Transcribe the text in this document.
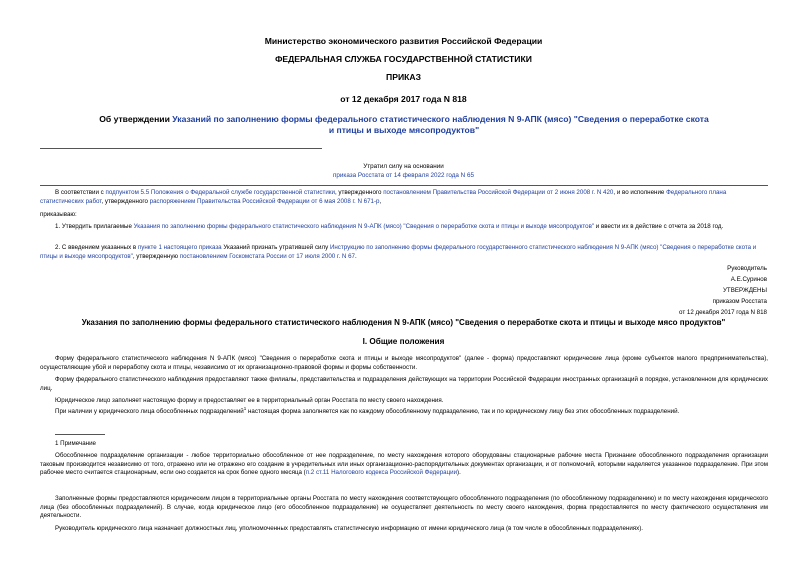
Министерство экономического развития Российской Федерации
ФЕДЕРАЛЬНАЯ СЛУЖБА ГОСУДАРСТВЕННОЙ СТАТИСТИКИ
ПРИКАЗ
от 12 декабря 2017 года N 818
Об утверждении Указаний по заполнению формы федерального статистического наблюдения N 9-АПК (мясо) "Сведения о переработке скота и птицы и выходе мясопродуктов"
Утратил силу на основании
приказа Росстата от 14 февраля 2022 года N 65
В соответствии с подпунктом 5.5 Положения о Федеральной службе государственной статистики, утвержденного постановлением Правительства Российской Федерации от 2 июня 2008 г. N 420, и во исполнение Федерального плана статистических работ, утвержденного распоряжением Правительства Российской Федерации от 6 мая 2008 г. N 671-р,
приказываю:
1. Утвердить прилагаемые Указания по заполнению формы федерального статистического наблюдения N 9-АПК (мясо) "Сведения о переработке скота и птицы и выходе мясопродуктов" и ввести их в действие с отчета за 2018 год.
2. С введением указанных в пункте 1 настоящего приказа Указаний признать утратившей силу Инструкцию по заполнению формы федерального государственного статистического наблюдения N 9-АПК (мясо) "Сведения о переработке скота и птицы и выходе мясопродуктов", утвержденную постановлением Госкомстата России от 17 июля 2000 г. N 67.
Руководитель
А.Е.Суринов
УТВЕРЖДЕНЫ
приказом Росстата
от 12 декабря 2017 года N 818
Указания по заполнению формы федерального статистического наблюдения N 9-АПК (мясо) "Сведения о переработке скота и птицы и выходе мясо продуктов"
I. Общие положения
Форму федерального статистического наблюдения N 9-АПК (мясо) "Сведения о переработке скота и птицы и выходе мясопродуктов" (далее - форма) предоставляют юридические лица (кроме субъектов малого предпринимательства), осуществляющие убой и переработку скота и птицы, независимо от их организационно-правовой формы и формы собственности.
Форму федерального статистического наблюдения предоставляют также филиалы, представительства и подразделения действующих на территории Российской Федерации иностранных организаций в порядке, установленном для юридических лиц.
Юридическое лицо заполняет настоящую форму и предоставляет ее в территориальный орган Росстата по месту своего нахождения.
При наличии у юридического лица обособленных подразделений$^1$ настоящая форма заполняется как по каждому обособленному подразделению, так и по юридическому лицу без этих обособленных подразделений.
1 Примечание
Обособленное подразделение организации - любое территориально обособленное от нее подразделение, по месту нахождения которого оборудованы стационарные рабочие места Признание обособленного подразделения организации таковым производится независимо от того, отражено или не отражено его создание в учредительных или иных организационно-распорядительных документах организации, и от полномочий, которыми наделяется указанное подразделение. При этом рабочее место считается стационарным, если оно создается на срок более одного месяца (п.2 ст.11 Налогового кодекса Российской Федерации).
Заполненные формы предоставляются юридическим лицом в территориальные органы Росстата по месту нахождения соответствующего обособленного подразделения (по обособленному подразделению) и по месту нахождения юридического лица (без обособленных подразделений). В случае, когда юридическое лицо (его обособленное подразделение) не осуществляет деятельность по месту своего нахождения, форма предоставляется по месту фактического осуществления им деятельности.
Руководитель юридического лица назначает должностных лиц, уполномоченных предоставлять статистическую информацию от имени юридического лица (в том числе в обособленных подразделениях).
